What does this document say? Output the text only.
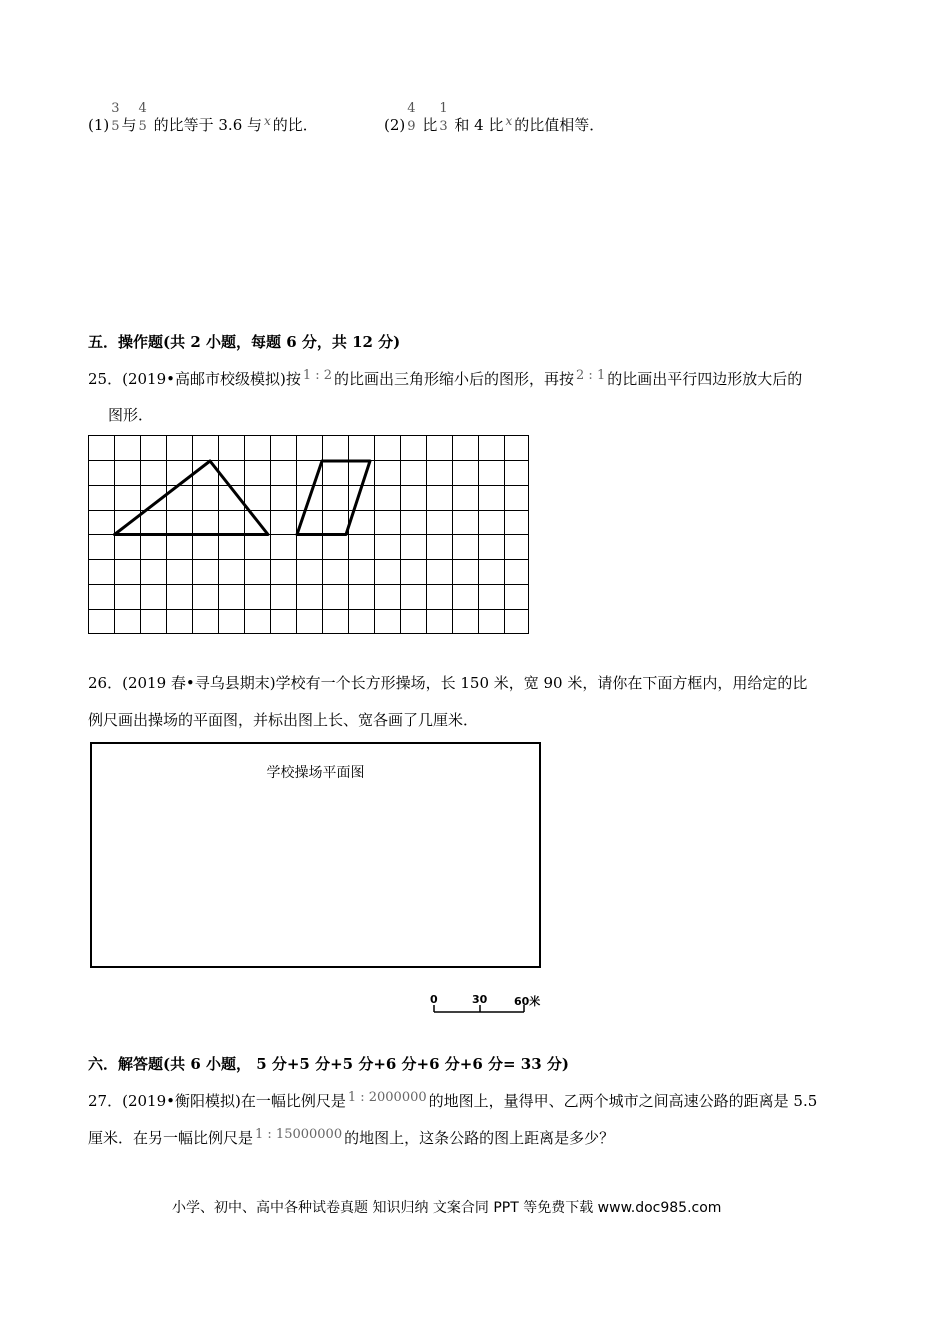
(1)
3
5 与
4
5 的比等于 3.6 与 $^x$ 的比．	(2)
4
9 比
1
3 和 4 比 $^x$ 的比值相等．
五．操作题(共 2 小题，每题 6 分，共 12 分)
25．(2019•高邮市校级模拟)按 1 : 2 的比画出三角形缩小后的图形，再按 2 : 1 的比画出平行四边形放大后的
图形．
26．(2019 春•寻乌县期末)学校有一个长方形操场，长 150 米，宽 90 米，请你在下面方框内，用给定的比
例尺画出操场的平面图，并标出图上长、宽各画了几厘米．
学校操场平面图
0	30 60米
六．解答题(共 6 小题， 5 分+5 分+5 分+6 分+6 分+6 分= 33 分)
27．(2019•衡阳模拟)在一幅比例尺是 1 : 2000000 的地图上，量得甲、乙两个城市之间高速公路的距离是 5.5
厘米．在另一幅比例尺是 1 : 15000000 的地图上，这条公路的图上距离是多少？
小学、初中、高中各种试卷真题 知识归纳 文案合同 PPT 等免费下载 www.doc985.com
